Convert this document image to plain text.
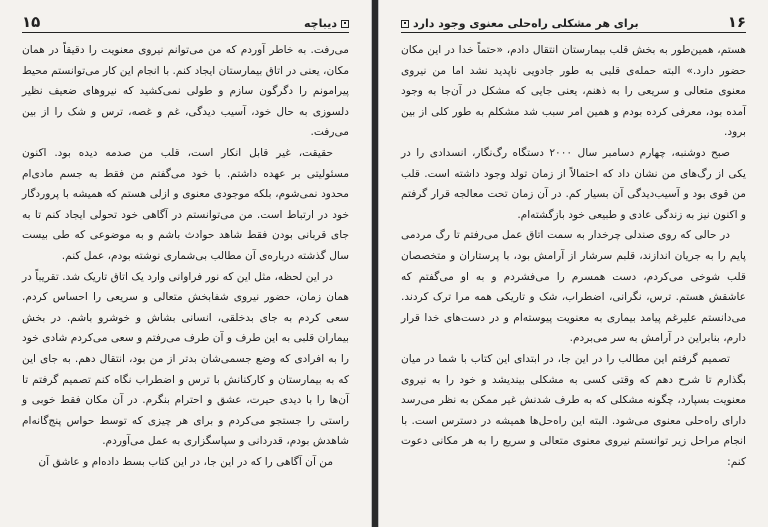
۱۵	دیباچه

می‌رفت. به خاطر آوردم که من می‌توانم نیروی معنویت را دقیقاً در همان مکان، یعنی در اتاق بیمارستان ایجاد کنم. با انجام این کار می‌توانستم محیط پیرامونم را دگرگون سازم و طولی نمی‌کشید که نیروهای ضعیف نظیر دلسوزی به حال خود، آسیب دیدگی، غم و غصه، ترس و شک را از بین می‌رفت.

حقیقت، غیر قابل انکار است، قلب من صدمه دیده بود. اکنون مسئولیتی بر عهده داشتم. با خود می‌گفتم من فقط به جسم مادی‌ام محدود نمی‌شوم، بلکه موجودی معنوی و ازلی هستم که همیشه با پروردگار خود در ارتباط است. من می‌توانستم در آگاهی خود تحولی ایجاد کنم تا به جای قربانی بودن فقط شاهد حوادث باشم و به موضوعی که طی بیست سال گذشته درباره‌ی آن مطالب بی‌شماری نوشته بودم، عمل کنم.

در این لحظه، مثل این که نور فراوانی وارد یک اتاق تاریک شد. تقریباً در همان زمان، حضور نیروی شفابخش متعالی و سریعی را احساس کردم. سعی کردم به جای بدخلقی، انسانی بشاش و خوشرو باشم. در بخش بیماران قلبی به این طرف و آن طرف می‌رفتم و سعی می‌کردم شادی خود را به افرادی که وضع جسمی‌شان بدتر از من بود، انتقال دهم. به جای این که به بیمارستان و کارکنانش با ترس و اضطراب نگاه کنم تصمیم گرفتم تا آن‌ها را با دیدی حیرت، عشق و احترام بنگرم. در آن مکان فقط خوبی و راستی را جستجو می‌کردم و برای هر چیزی که توسط حواس پنج‌گانه‌ام شاهدش بودم، قدردانی و سپاسگزاری به عمل می‌آوردم.

من آن آگاهی را که در این جا، در این کتاب بسط داده‌ام و عاشق آن

برای هر مشکلی راه‌حلی معنوی وجود دارد	۱۶

هستم، همین‌طور به بخش قلب بیمارستان انتقال دادم، «حتماً خدا در این مکان حضور دارد.» البته حمله‌ی قلبی به طور جادویی ناپدید نشد اما من نیروی معنوی متعالی و سریعی را به ذهنم، یعنی جایی که مشکل در آن‌جا به وجود آمده بود، معرفی کرده بودم و همین امر سبب شد مشکلم به طور کلی از بین برود.

صبح دوشنبه، چهارم دسامبر سال ۲۰۰۰ دستگاه رگ‌نگار، انسدادی را در یکی از رگ‌های من نشان داد که احتمالاً از زمان تولد وجود داشته است. قلب من قوی بود و آسیب‌دیدگی آن بسیار کم. در آن زمان تحت معالجه قرار گرفتم و اکنون نیز به زندگی عادی و طبیعی خود بازگشته‌ام.

در حالی که روی صندلی چرخدار به سمت اتاق عمل می‌رفتم تا رگ مردمی پایم را به جریان اندازند، قلبم سرشار از آرامش بود، با پرستاران و متخصصان قلب شوخی می‌کردم، دست همسرم را می‌فشردم و به او می‌گفتم که عاشقش هستم. ترس، نگرانی، اضطراب، شک و تاریکی همه مرا ترک کردند. می‌دانستم علیرغم پیامد بیماری به معنویت پیوسته‌ام و در دست‌های خدا قرار دارم، بنابراین در آرامش به سر می‌بردم.

تصمیم گرفتم این مطالب را در این جا، در ابتدای این کتاب با شما در میان بگذارم تا شرح دهم که وقتی کسی به مشکلی بیندیشد و خود را به نیروی معنویت بسپارد، چگونه مشکلی که به طرف شدنش غیر ممکن به نظر می‌رسد دارای راه‌حلی معنوی می‌شود. البته این راه‌حل‌ها همیشه در دسترس است. با انجام مراحل زیر توانستم نیروی معنوی متعالی و سریع را به هر مکانی دعوت کنم:
